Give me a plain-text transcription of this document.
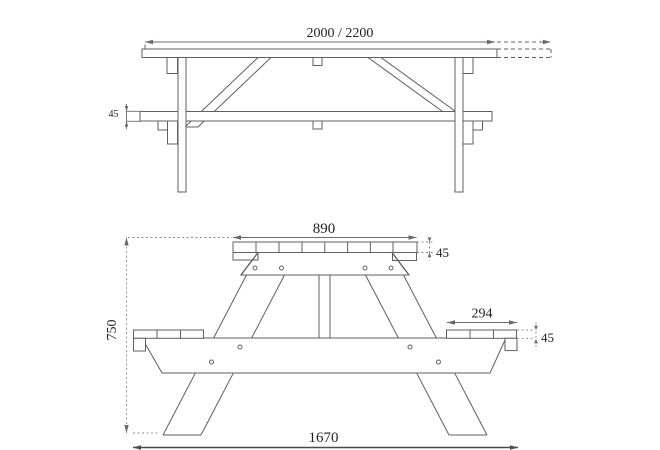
2000 / 2200
45
890
45
294
45
750
1670
